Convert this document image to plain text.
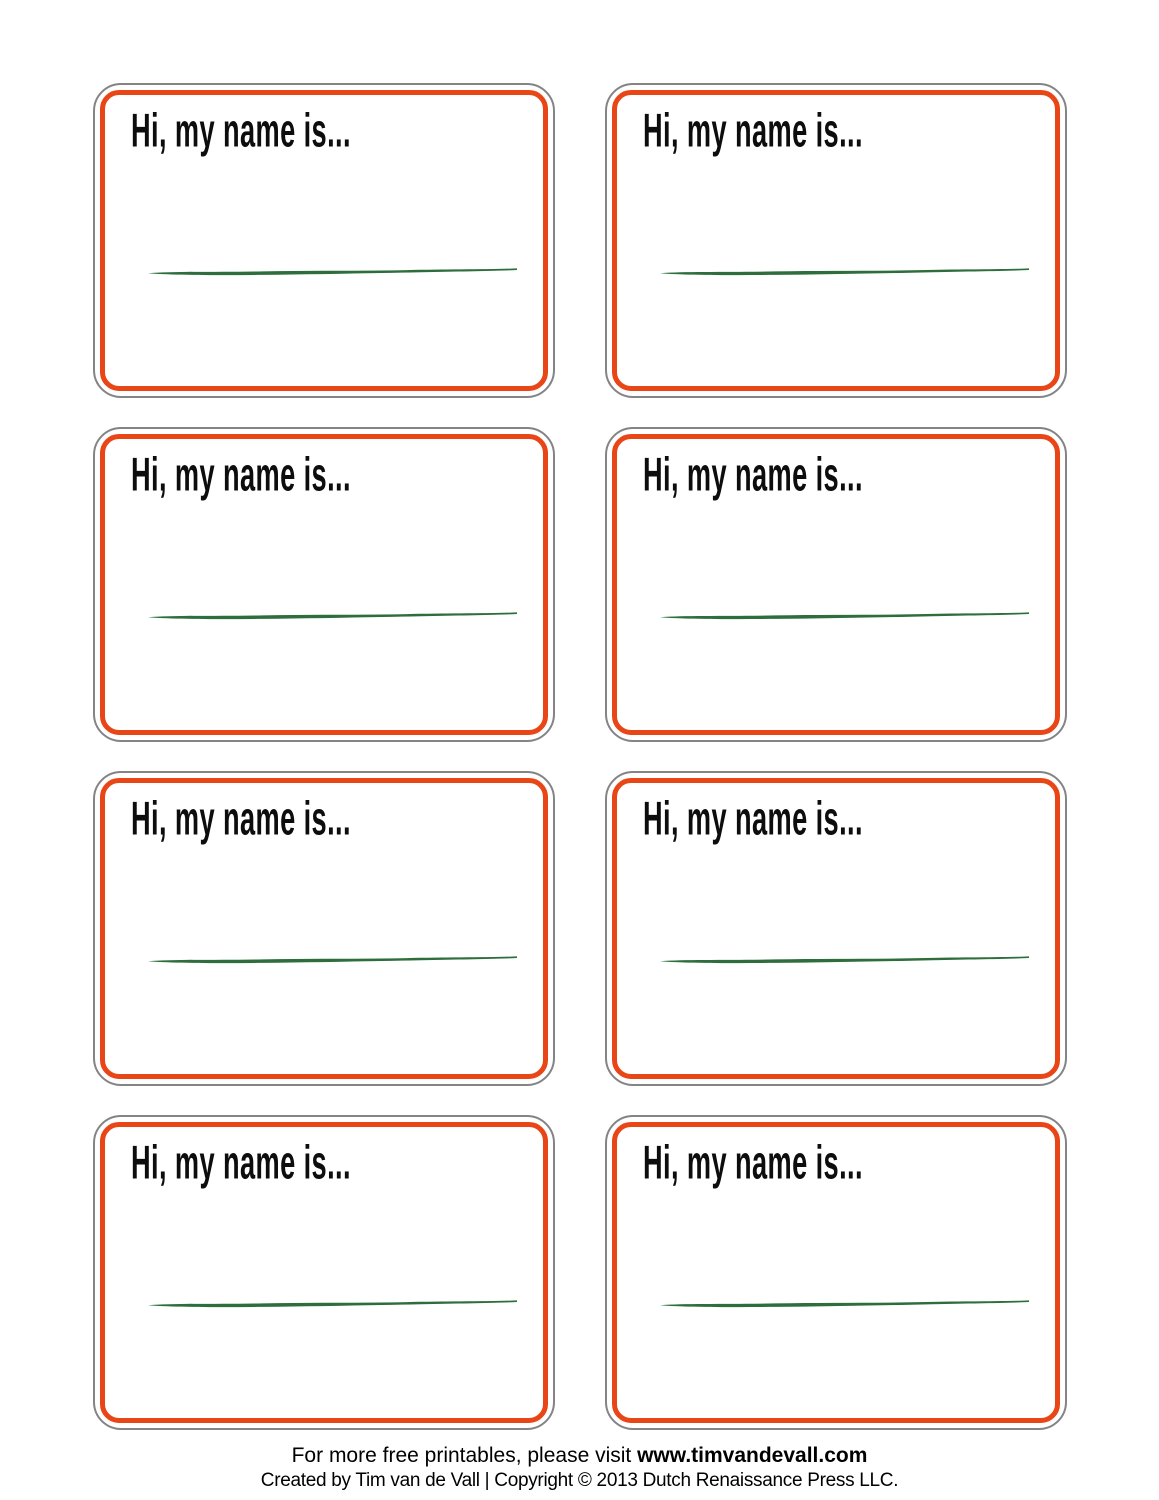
Hi, my name is...	Hi, my name is...
Hi, my name is...	Hi, my name is...
Hi, my name is...	Hi, my name is...
Hi, my name is...	Hi, my name is...

For more free printables, please visit www.timvandevall.com

Created by Tim van de Vall | Copyright © 2013 Dutch Renaissance Press LLC.
